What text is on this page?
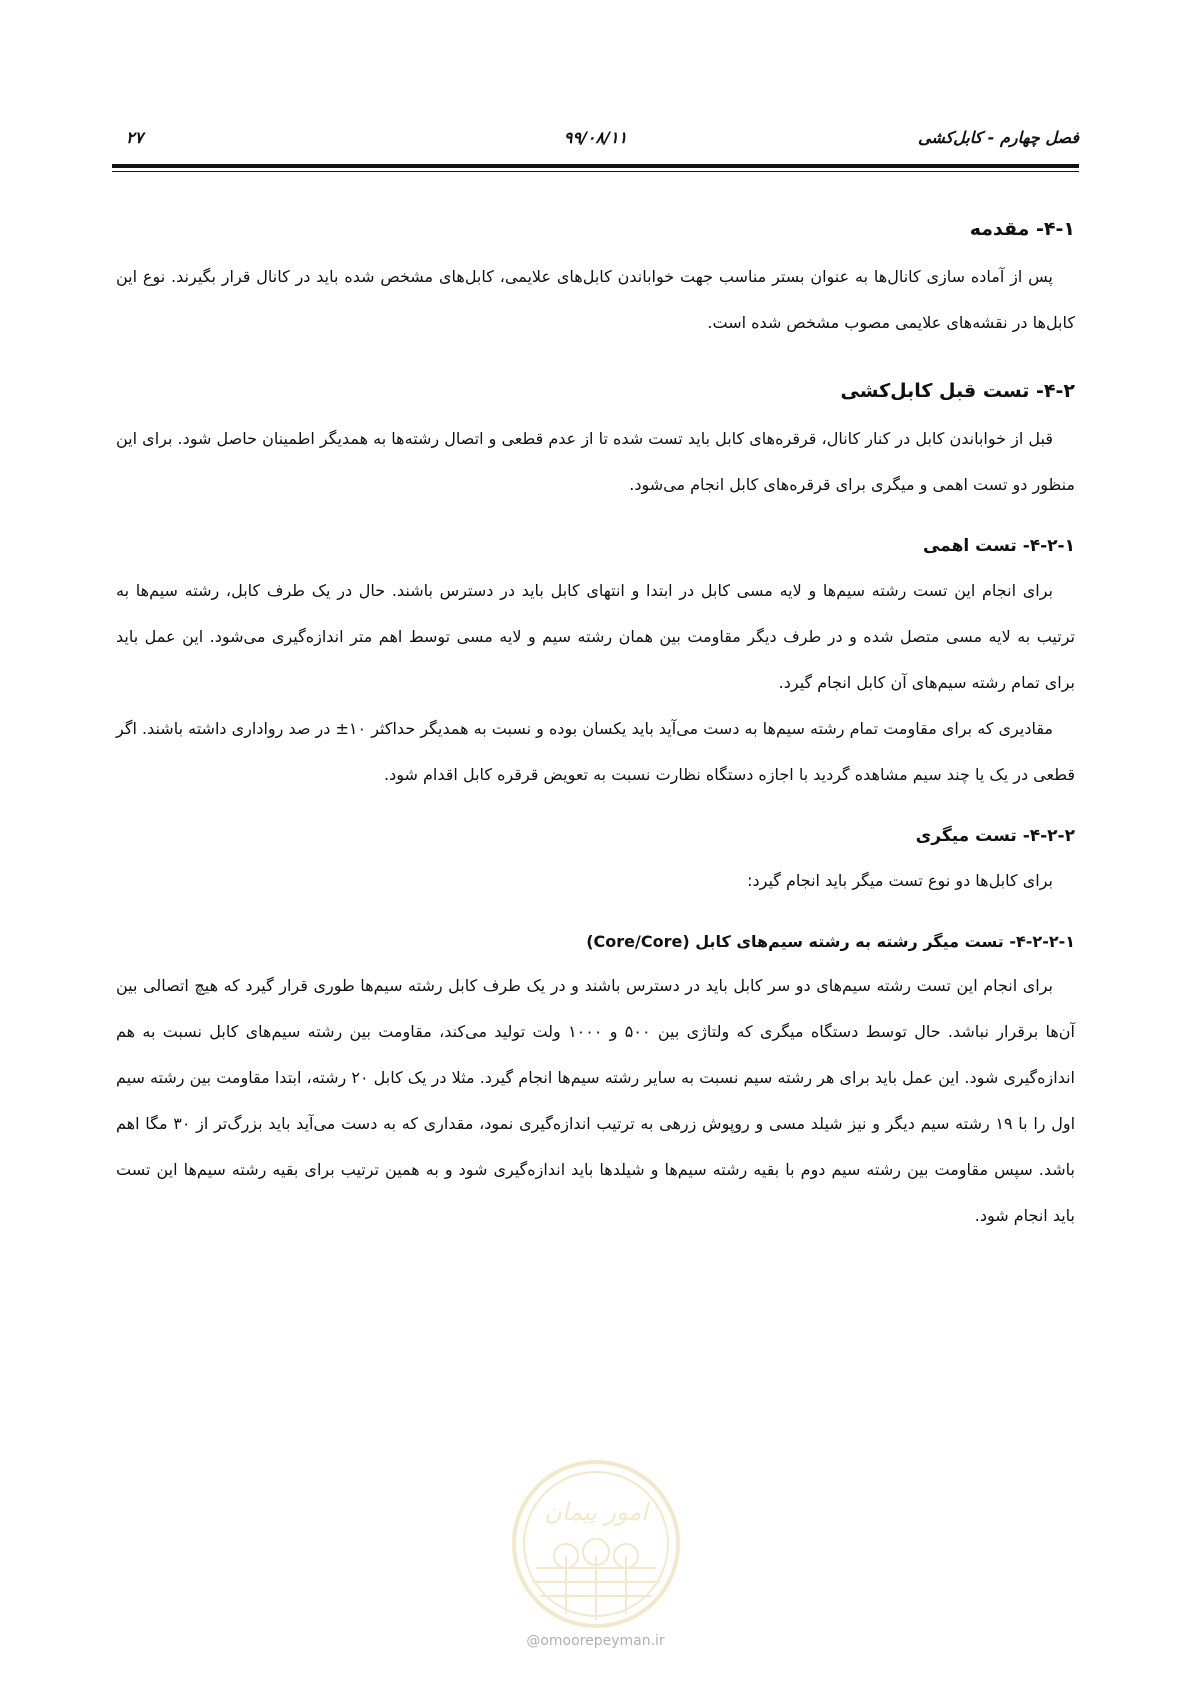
فصل چهارم - کابل‌کشی
۹۹/۰۸/۱۱
۲۷
۴-۱- مقدمه

پس از آماده سازی کانال‌ها به عنوان بستر مناسب جهت خواباندن کابل‌های علایمی، کابل‌های مشخص شده باید در کانال قرار بگیرند. نوع این کابل‌ها در نقشه‌های علایمی مصوب مشخص شده است.

۴-۲- تست قبل کابل‌کشی

قبل از خواباندن کابل در کنار کانال، قرقره‌های کابل باید تست شده تا از عدم قطعی و اتصال رشته‌ها به همدیگر اطمینان حاصل شود. برای این منظور دو تست اهمی و میگری برای قرقره‌های کابل انجام می‌شود.

۴-۲-۱- تست اهمی

برای انجام این تست رشته سیم‌ها و لایه مسی کابل در ابتدا و انتهای کابل باید در دسترس باشند. حال در یک طرف کابل، رشته سیم‌ها به ترتیب به لایه مسی متصل شده و در طرف دیگر مقاومت بین همان رشته سیم و لایه مسی توسط اهم متر اندازه‌گیری می‌شود. این عمل باید برای تمام رشته سیم‌های آن کابل انجام گیرد.

مقادیری که برای مقاومت تمام رشته سیم‌ها به دست می‌آید باید یکسان بوده و نسبت به همدیگر حداکثر ۱۰± در صد رواداری داشته باشند. اگر قطعی در یک یا چند سیم مشاهده گردید با اجازه دستگاه نظارت نسبت به تعویض قرقره کابل اقدام شود.

۴-۲-۲- تست میگری

برای کابل‌ها دو نوع تست میگر باید انجام گیرد:

۴-۲-۲-۱- تست میگر رشته به رشته سیم‌های کابل (Core/Core)

برای انجام این تست رشته سیم‌های دو سر کابل باید در دسترس باشند و در یک طرف کابل رشته سیم‌ها طوری قرار گیرد که هیچ اتصالی بین آن‌ها برقرار نباشد. حال توسط دستگاه میگری که ولتاژی بین ۵۰۰ و ۱۰۰۰ ولت تولید می‌کند، مقاومت بین رشته سیم‌های کابل نسبت به هم اندازه‌گیری شود. این عمل باید برای هر رشته سیم نسبت به سایر رشته سیم‌ها انجام گیرد. مثلا در یک کابل ۲۰ رشته، ابتدا مقاومت بین رشته سیم اول را با ۱۹ رشته سیم دیگر و نیز شیلد مسی و روپوش زرهی به ترتیب اندازه‌گیری نمود، مقداری که به دست می‌آید باید بزرگ‌تر از ۳۰ مگا اهم باشد. سپس مقاومت بین رشته سیم دوم با بقیه رشته سیم‌ها و شیلدها باید اندازه‌گیری شود و به همین ترتیب برای بقیه رشته سیم‌ها این تست باید انجام شود.

امور پیمان
@omoorepeyman.ir
